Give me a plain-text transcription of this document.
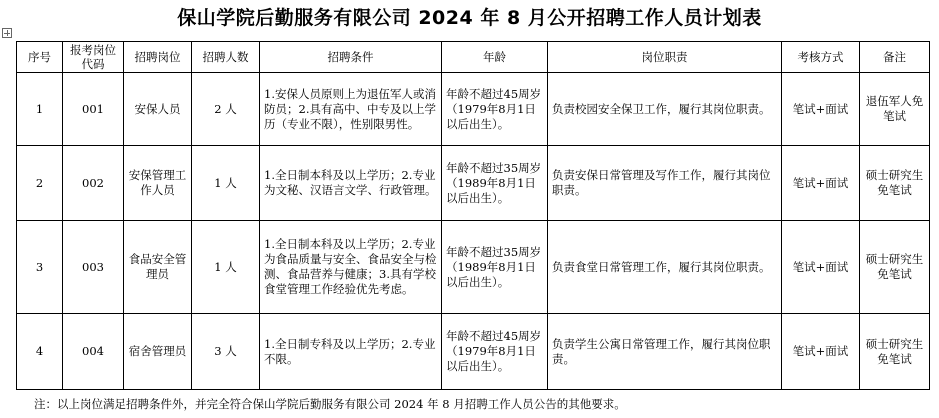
保山学院后勤服务有限公司 2024 年 8 月公开招聘工作人员计划表
序号	报考岗位代码	招聘岗位	招聘人数	招聘条件	年龄	岗位职责	考核方式	备注
1	001	安保人员	2 人	1.安保人员原则上为退伍军人或消防员；2.具有高中、中专及以上学历（专业不限），性别限男性。	年龄不超过45周岁（1979年8月1日以后出生）。	负责校园安全保卫工作，履行其岗位职责。	笔试+面试	退伍军人免笔试
2	002	安保管理工作人员	1 人	1.全日制本科及以上学历；2.专业为文秘、汉语言文学、行政管理。	年龄不超过35周岁（1989年8月1日以后出生）。	负责安保日常管理及写作工作，履行其岗位职责。	笔试+面试	硕士研究生免笔试
3	003	食品安全管理员	1 人	1.全日制本科及以上学历；2.专业为食品质量与安全、食品安全与检测、食品营养与健康；3.具有学校食堂管理工作经验优先考虑。	年龄不超过35周岁（1989年8月1日以后出生）。	负责食堂日常管理工作，履行其岗位职责。	笔试+面试	硕士研究生免笔试
4	004	宿舍管理员	3 人	1.全日制专科及以上学历；2.专业不限。	年龄不超过45周岁（1979年8月1日以后出生）。	负责学生公寓日常管理工作，履行其岗位职责。	笔试+面试	硕士研究生免笔试
注：以上岗位满足招聘条件外，并完全符合保山学院后勤服务有限公司 2024 年 8 月招聘工作人员公告的其他要求。
